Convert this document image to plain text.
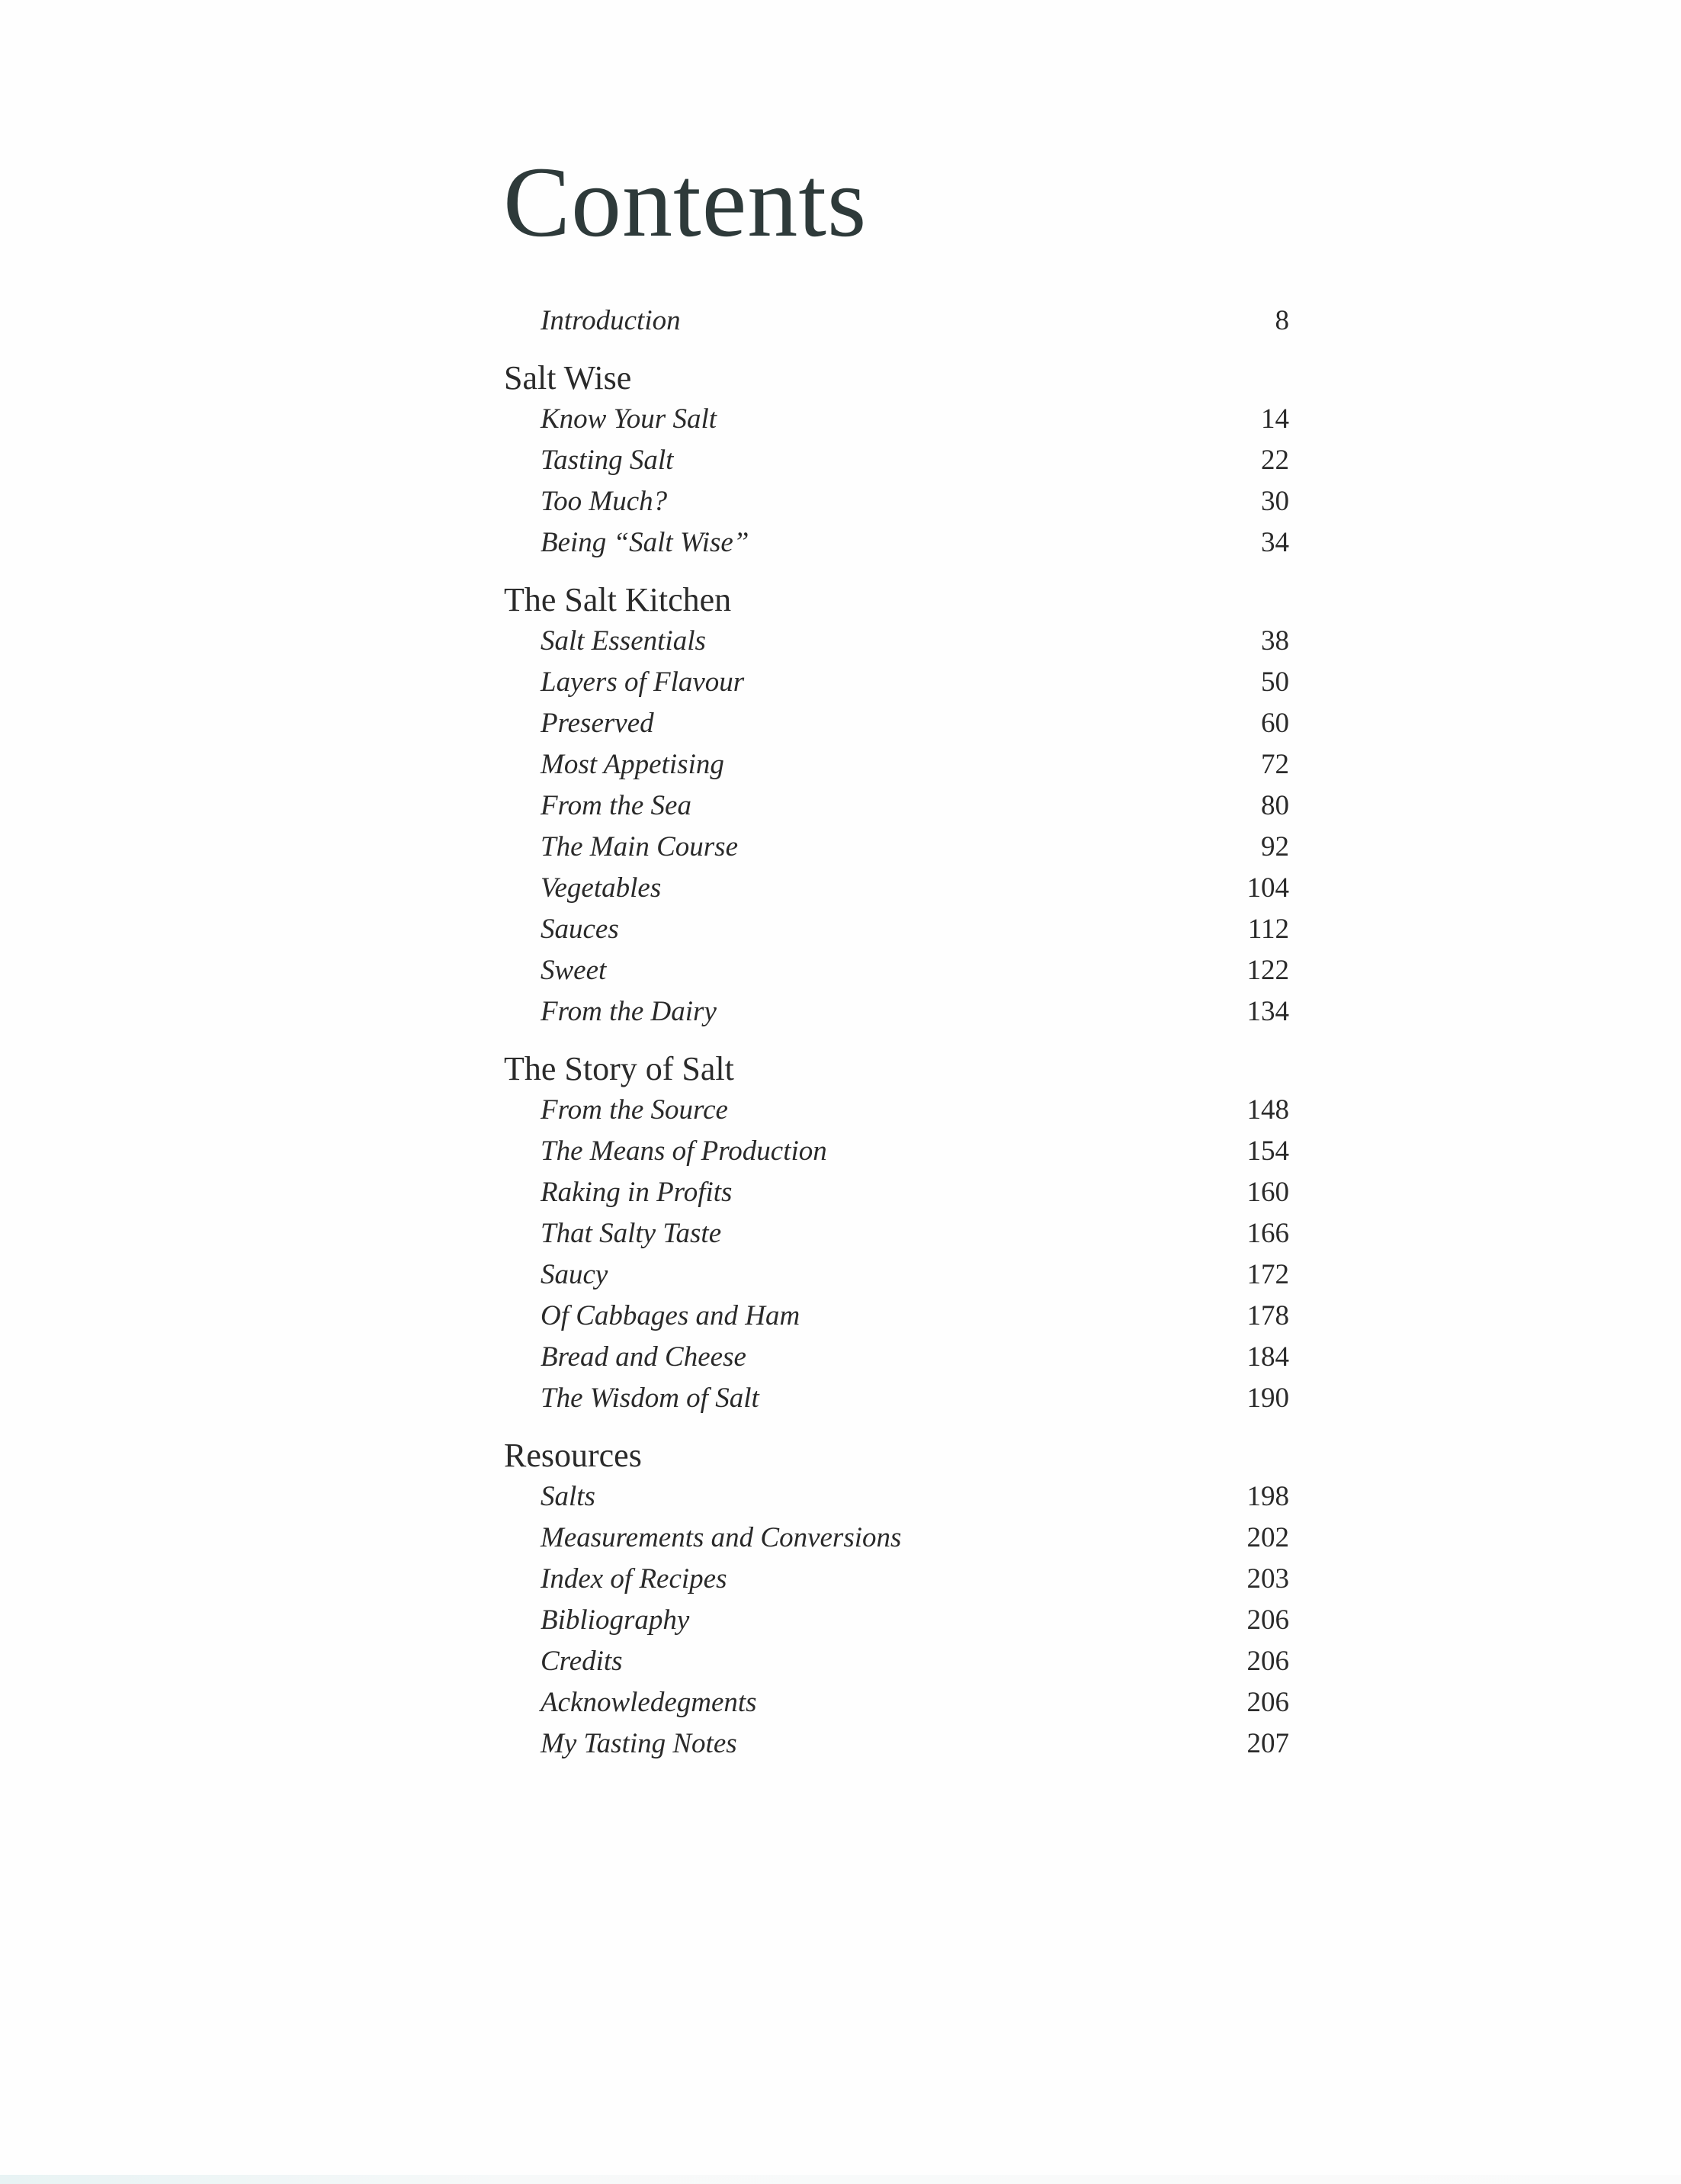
Contents
Introduction	8
Salt Wise
Know Your Salt	14
Tasting Salt	22
Too Much?	30
Being “Salt Wise”	34
The Salt Kitchen
Salt Essentials	38
Layers of Flavour	50
Preserved	60
Most Appetising	72
From the Sea	80
The Main Course	92
Vegetables	104
Sauces	112
Sweet	122
From the Dairy	134
The Story of Salt
From the Source	148
The Means of Production	154
Raking in Profits	160
That Salty Taste	166
Saucy	172
Of Cabbages and Ham	178
Bread and Cheese	184
The Wisdom of Salt	190
Resources
Salts	198
Measurements and Conversions	202
Index of Recipes	203
Bibliography	206
Credits	206
Acknowledegments	206
My Tasting Notes	207
